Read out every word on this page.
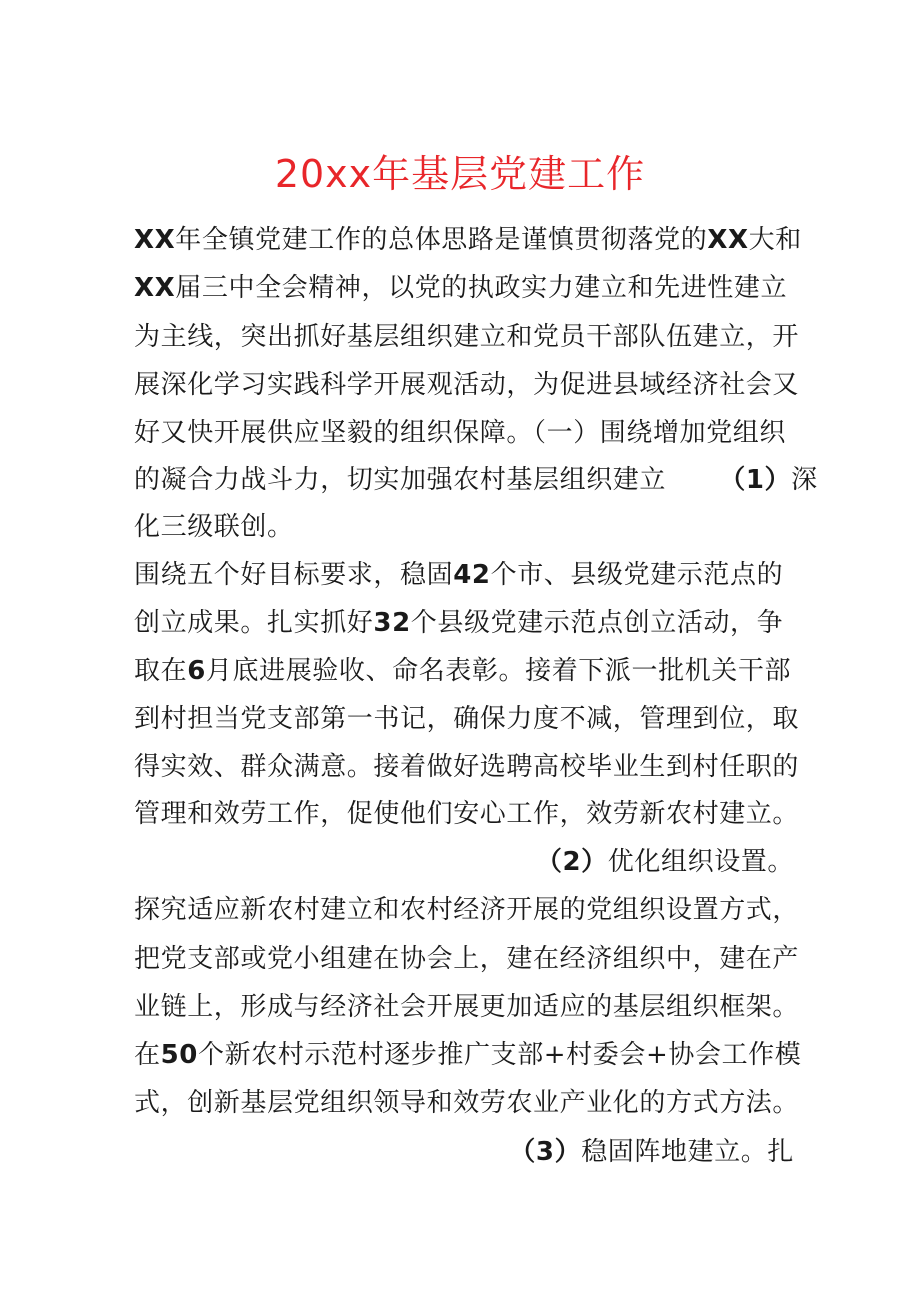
20xx年基层党建工作
XX年全镇党建工作的总体思路是谨慎贯彻落党的XX大和
XX届三中全会精神，以党的执政实力建立和先进性建立
为主线，突出抓好基层组织建立和党员干部队伍建立，开
展深化学习实践科学开展观活动，为促进县域经济社会又
好又快开展供应坚毅的组织保障。（一）围绕增加党组织
的凝合力战斗力，切实加强农村基层组织建立 （1）深
化三级联创。
围绕五个好目标要求，稳固42个市、县级党建示范点的
创立成果。扎实抓好32个县级党建示范点创立活动，争
取在6月底进展验收、命名表彰。接着下派一批机关干部
到村担当党支部第一书记，确保力度不减，管理到位，取
得实效、群众满意。接着做好选聘高校毕业生到村任职的
管理和效劳工作，促使他们安心工作，效劳新农村建立。
（2）优化组织设置。
探究适应新农村建立和农村经济开展的党组织设置方式，
把党支部或党小组建在协会上，建在经济组织中，建在产
业链上，形成与经济社会开展更加适应的基层组织框架。
在50个新农村示范村逐步推广支部+村委会+协会工作模
式，创新基层党组织领导和效劳农业产业化的方式方法。
（3）稳固阵地建立。扎
